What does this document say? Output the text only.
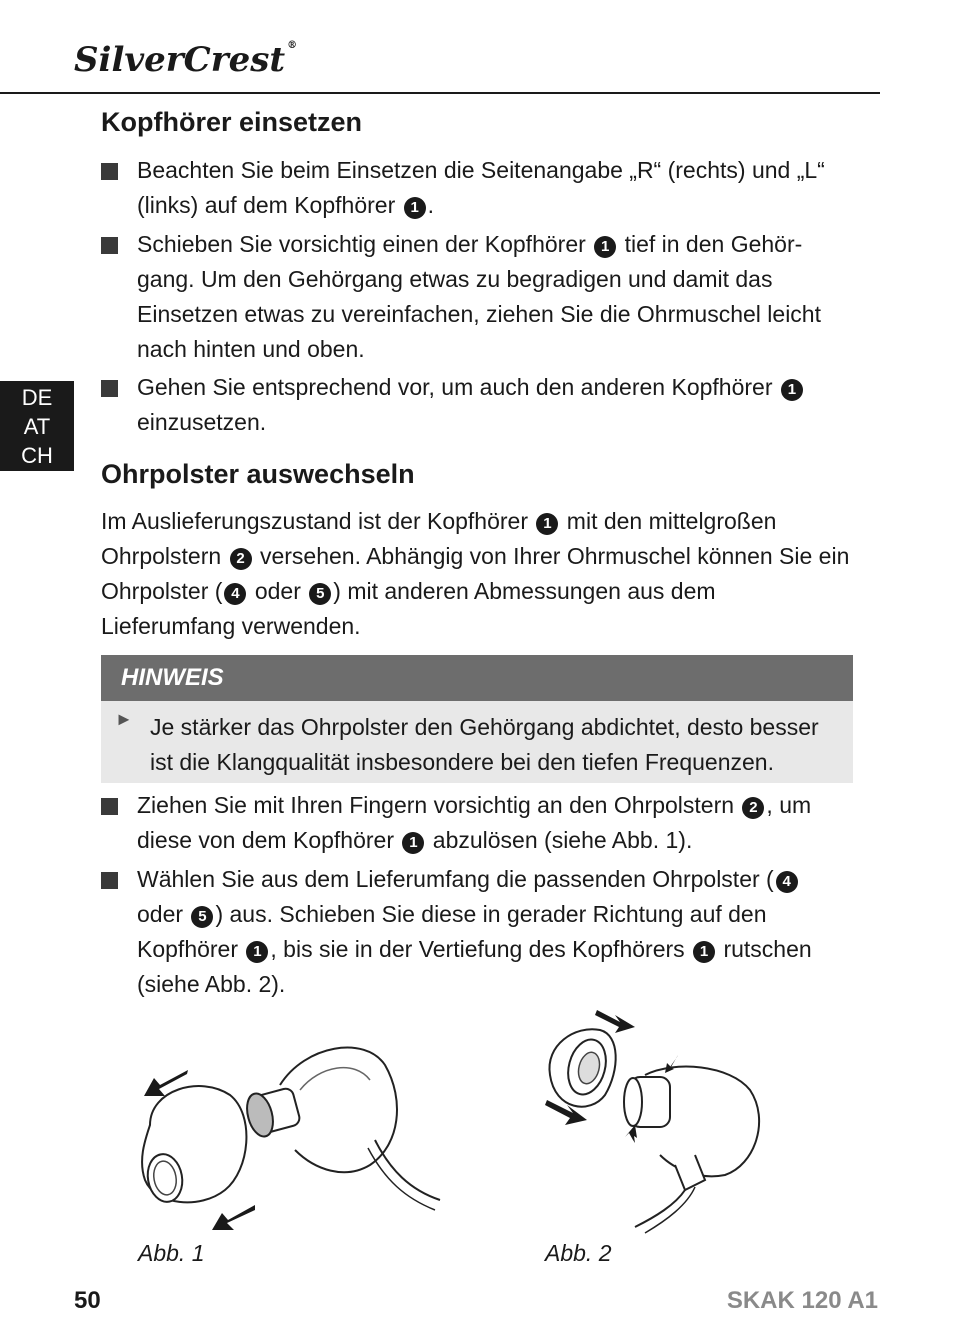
SilverCrest ®
DE
AT
CH
Kopfhörer einsetzen
Beachten Sie beim Einsetzen die Seitenangabe „R“ (rechts) und „L“ (links) auf dem Kopfhörer 1 .
Schieben Sie vorsichtig einen der Kopfhörer 1 tief in den Gehör-gang. Um den Gehörgang etwas zu begradigen und damit das Einsetzen etwas zu vereinfachen, ziehen Sie die Ohrmuschel leicht nach hinten und oben.
Gehen Sie entsprechend vor, um auch den anderen Kopfhörer 1 einzusetzen.
Ohrpolster auswechseln
Im Auslieferungszustand ist der Kopfhörer 1 mit den mittelgroßen Ohrpolstern 2 versehen. Abhängig von Ihrer Ohrmuschel können Sie ein Ohrpolster ( 4 oder 5 ) mit anderen Abmessungen aus dem Lieferumfang verwenden.
HINWEIS
► Je stärker das Ohrpolster den Gehörgang abdichtet, desto besser ist die Klangqualität insbesondere bei den tiefen Frequenzen.
Ziehen Sie mit Ihren Fingern vorsichtig an den Ohrpolstern 2 , um diese von dem Kopfhörer 1 abzulösen (siehe Abb. 1).
Wählen Sie aus dem Lieferumfang die passenden Ohrpolster ( 4 oder 5 ) aus. Schieben Sie diese in gerader Richtung auf den Kopfhörer 1 , bis sie in der Vertiefung des Kopfhörers 1 rutschen (siehe Abb. 2).
Abb. 1	Abb. 2
50	SKAK 120 A1
